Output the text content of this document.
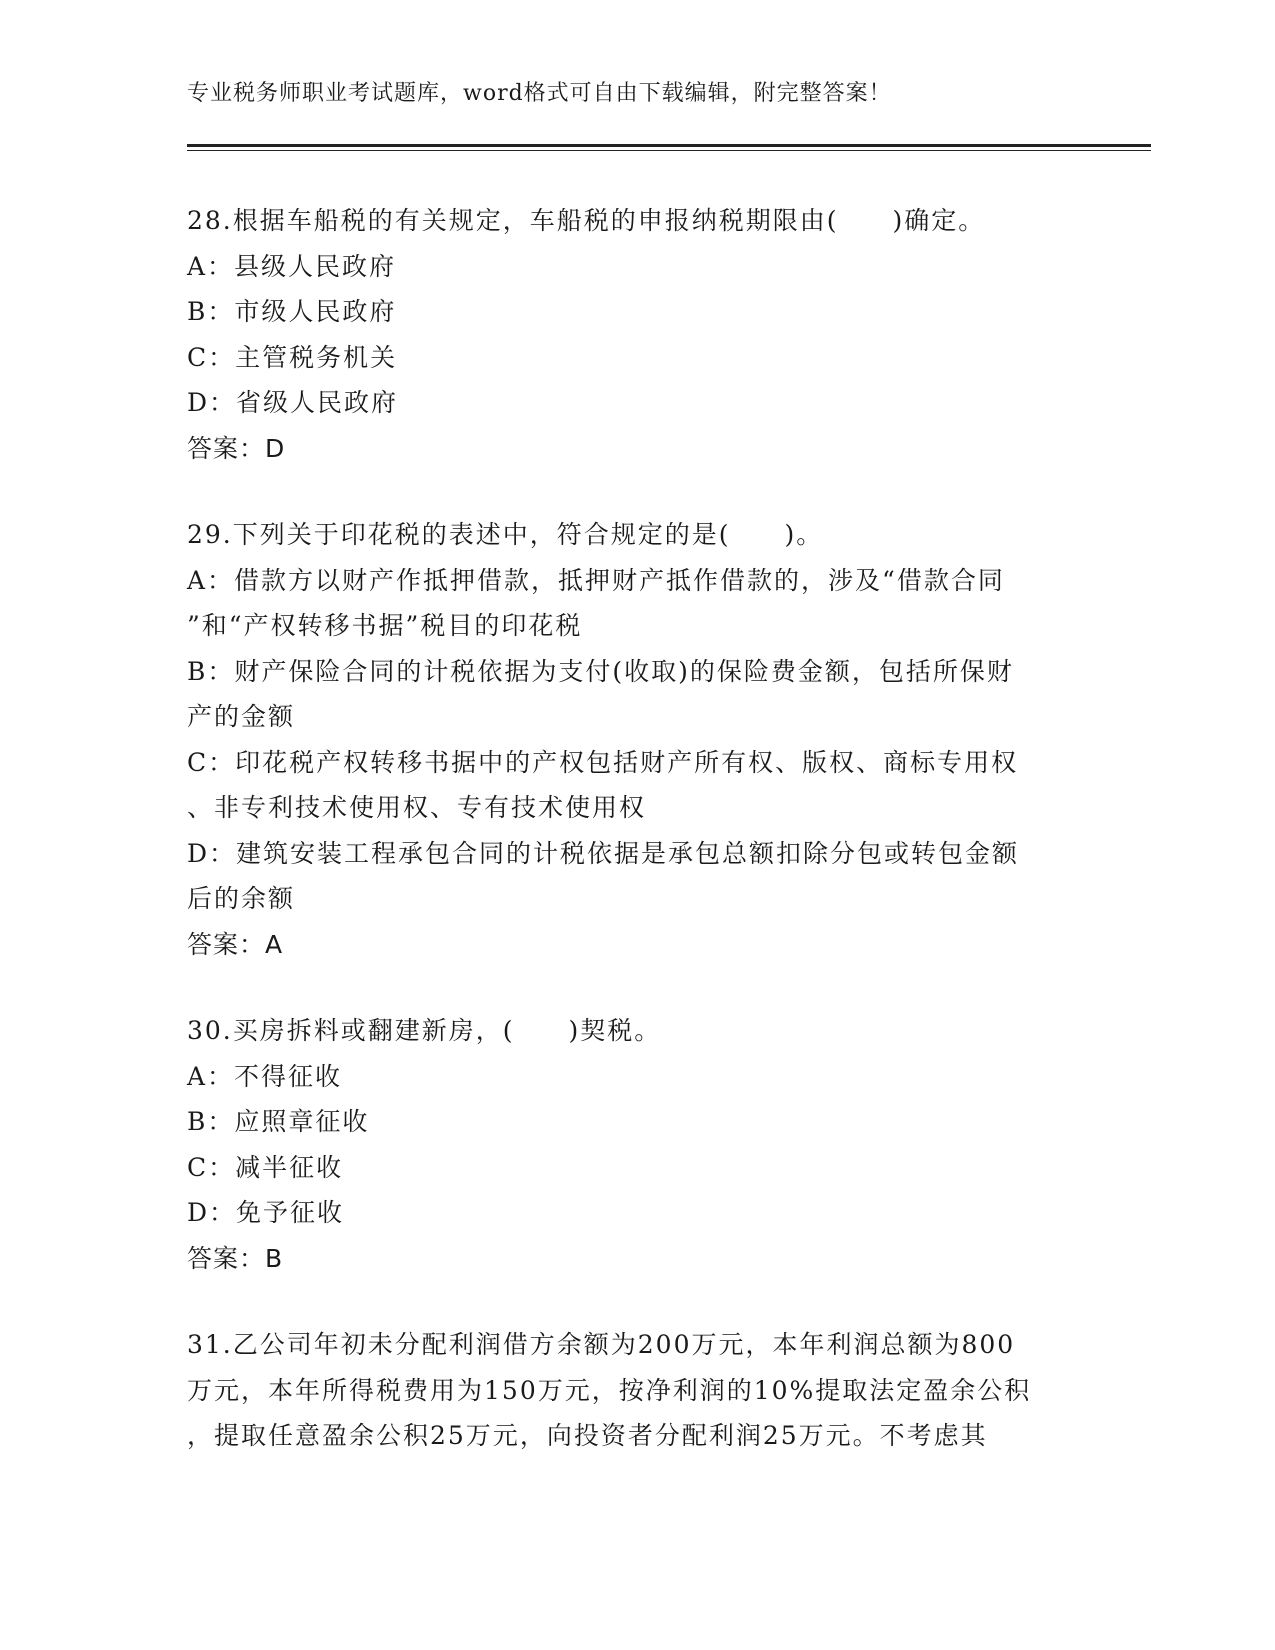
专业税务师职业考试题库，word格式可自由下载编辑，附完整答案！
28.根据车船税的有关规定，车船税的申报纳税期限由(　　)确定。
A：县级人民政府
B：市级人民政府
C：主管税务机关
D：省级人民政府
答案：D
29.下列关于印花税的表述中，符合规定的是(　　)。
A：借款方以财产作抵押借款，抵押财产抵作借款的，涉及“借款合同
”和“产权转移书据”税目的印花税
B：财产保险合同的计税依据为支付(收取)的保险费金额，包括所保财
产的金额
C：印花税产权转移书据中的产权包括财产所有权、版权、商标专用权
、非专利技术使用权、专有技术使用权
D：建筑安装工程承包合同的计税依据是承包总额扣除分包或转包金额
后的余额
答案：A
30.买房拆料或翻建新房，(　　)契税。
A：不得征收
B：应照章征收
C：减半征收
D：免予征收
答案：B
31.乙公司年初未分配利润借方余额为200万元，本年利润总额为800
万元，本年所得税费用为150万元，按净利润的10%提取法定盈余公积
，提取任意盈余公积25万元，向投资者分配利润25万元。不考虑其
